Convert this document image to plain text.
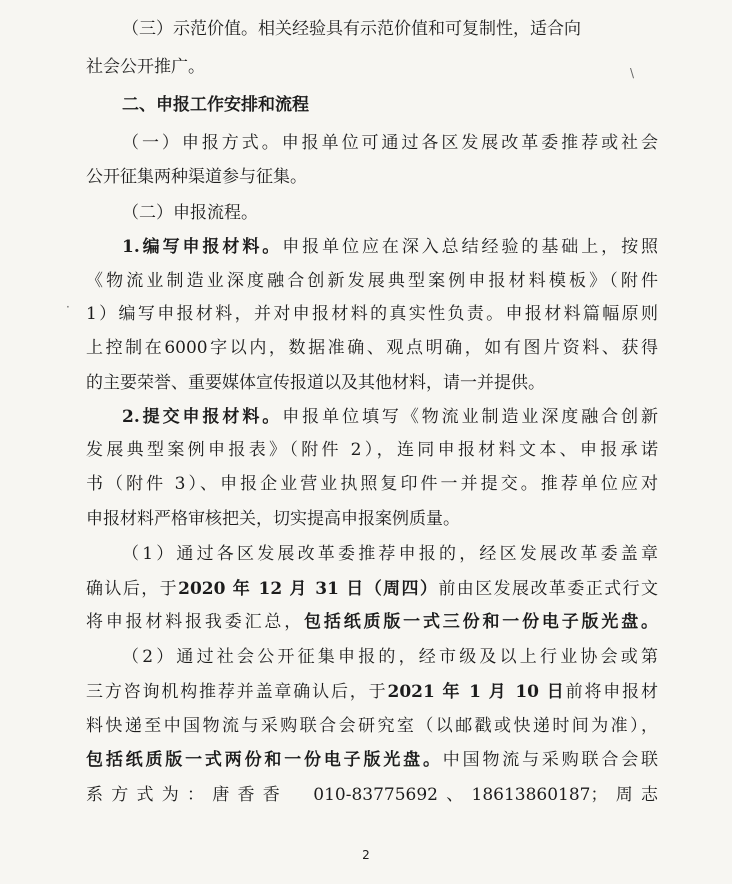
（三）示范价值。相关经验具有示范价值和可复制性，适合向
社会公开推广。
二、申报工作安排和流程
（一）申报方式。申报单位可通过各区发展改革委推荐或社会
公开征集两种渠道参与征集。
（二）申报流程。
1.编写申报材料。申报单位应在深入总结经验的基础上，按照
《物流业制造业深度融合创新发展典型案例申报材料模板》（附件
1）编写申报材料，并对申报材料的真实性负责。申报材料篇幅原则
上控制在6000字以内，数据准确、观点明确，如有图片资料、获得
的主要荣誉、重要媒体宣传报道以及其他材料，请一并提供。
2.提交申报材料。申报单位填写《物流业制造业深度融合创新
发展典型案例申报表》（附件 2），连同申报材料文本、申报承诺
书（附件 3）、申报企业营业执照复印件一并提交。推荐单位应对
申报材料严格审核把关，切实提高申报案例质量。
（1）通过各区发展改革委推荐申报的，经区发展改革委盖章
确认后，于2020 年 12 月 31 日（周四）前由区发展改革委正式行文
将申报材料报我委汇总，包括纸质版一式三份和一份电子版光盘。
（2）通过社会公开征集申报的，经市级及以上行业协会或第
三方咨询机构推荐并盖章确认后，于2021 年 1 月 10 日前将申报材
料快递至中国物流与采购联合会研究室（以邮戳或快递时间为准），
包括纸质版一式两份和一份电子版光盘。中国物流与采购联合会联
系方式为：唐香香　010-83775692、18613860187；周志
\
·
2
